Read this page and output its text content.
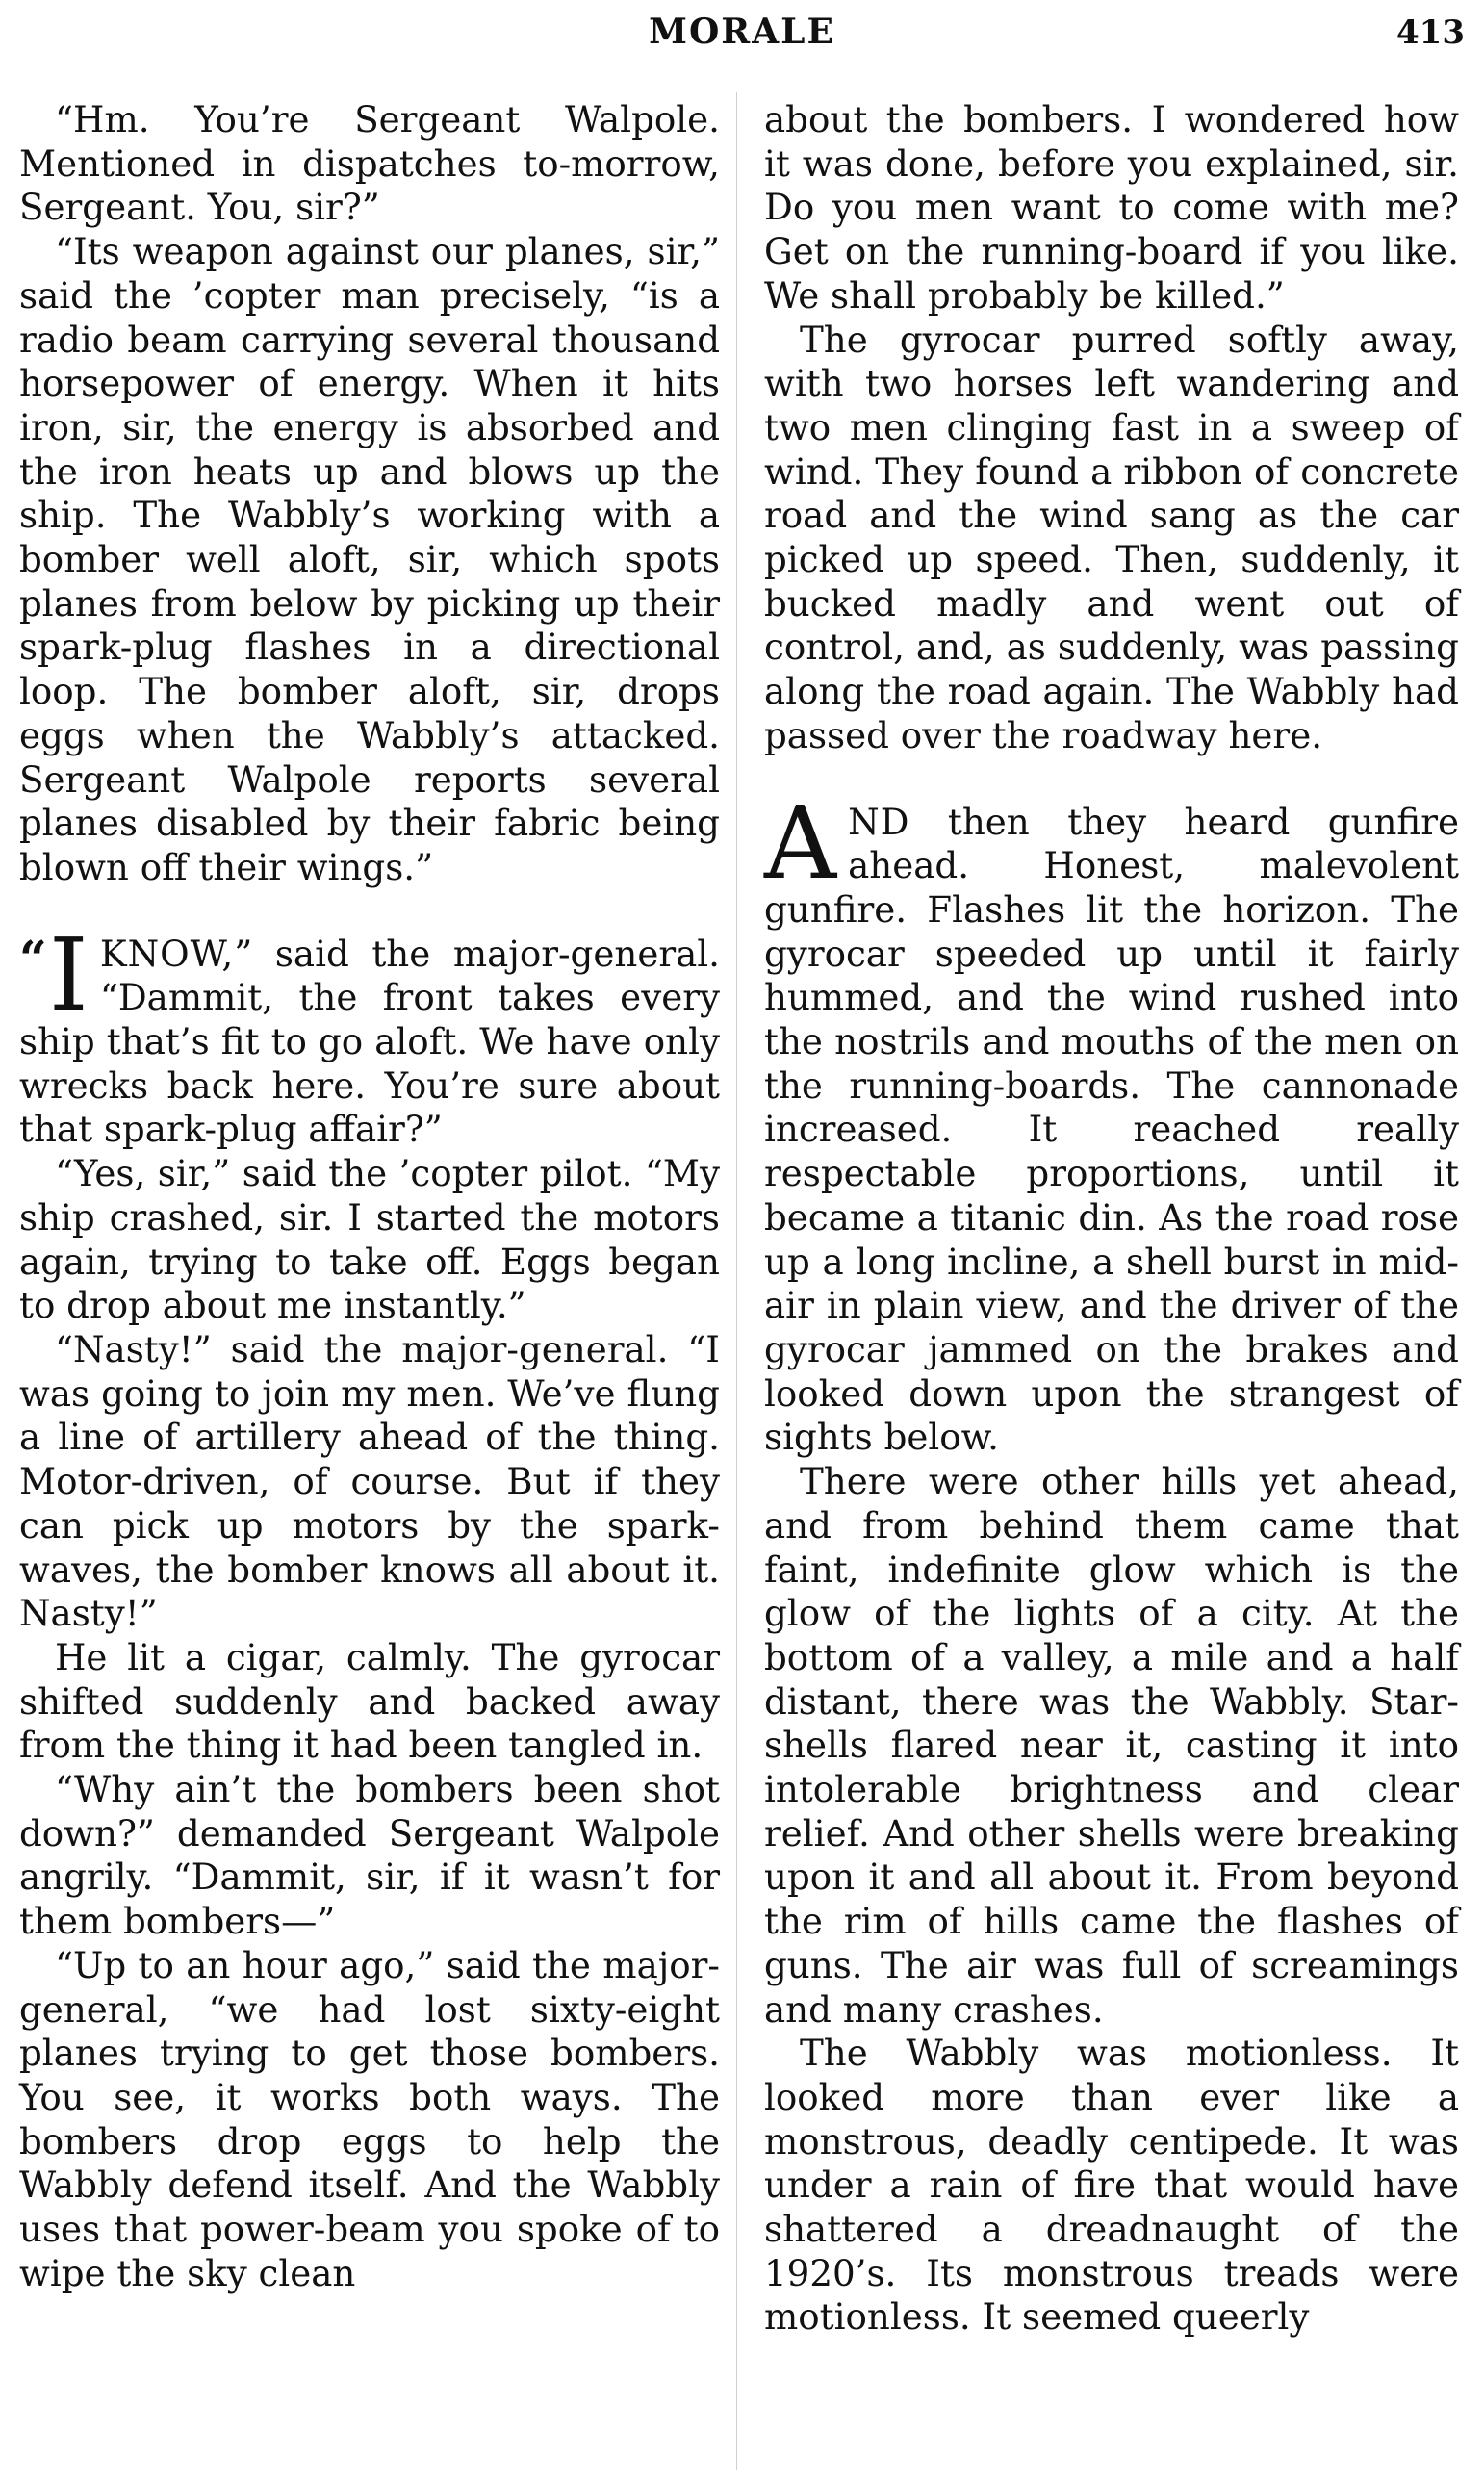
MORALE	413

“Hm. You’re Sergeant Walpole. Mentioned in dispatches to-morrow, Sergeant. You, sir?”

“Its weapon against our planes, sir,” said the ’copter man precisely, “is a radio beam carrying several thousand horsepower of energy. When it hits iron, sir, the energy is absorbed and the iron heats up and blows up the ship. The Wabbly’s working with a bomber well aloft, sir, which spots planes from below by picking up their spark-plug flashes in a directional loop. The bomber aloft, sir, drops eggs when the Wabbly’s attacked. Sergeant Walpole reports several planes disabled by their fabric being blown off their wings.”

“ I KNOW,” said the major-general. “Dammit, the front takes every ship that’s fit to go aloft. We have only wrecks back here. You’re sure about that spark-plug affair?”

“Yes, sir,” said the ’copter pilot. “My ship crashed, sir. I started the motors again, trying to take off. Eggs began to drop about me instantly.”

“Nasty!” said the major-general. “I was going to join my men. We’ve flung a line of artillery ahead of the thing. Motor-driven, of course. But if they can pick up motors by the spark-waves, the bomber knows all about it. Nasty!”

He lit a cigar, calmly. The gyrocar shifted suddenly and backed away from the thing it had been tangled in.

“Why ain’t the bombers been shot down?” demanded Sergeant Walpole angrily. “Dammit, sir, if it wasn’t for them bombers—”

“Up to an hour ago,” said the major-general, “we had lost sixty-eight planes trying to get those bombers. You see, it works both ways. The bombers drop eggs to help the Wabbly defend itself. And the Wabbly uses that power-beam you spoke of to wipe the sky clean

about the bombers. I wondered how it was done, before you explained, sir. Do you men want to come with me? Get on the running-board if you like. We shall probably be killed.”

The gyrocar purred softly away, with two horses left wandering and two men clinging fast in a sweep of wind. They found a ribbon of concrete road and the wind sang as the car picked up speed. Then, suddenly, it bucked madly and went out of control, and, as suddenly, was passing along the road again. The Wabbly had passed over the roadway here.

AND then they heard gunfire ahead. Honest, malevolent gunfire. Flashes lit the horizon. The gyrocar speeded up until it fairly hummed, and the wind rushed into the nostrils and mouths of the men on the running-boards. The cannonade increased. It reached really respectable proportions, until it became a titanic din. As the road rose up a long incline, a shell burst in mid-air in plain view, and the driver of the gyrocar jammed on the brakes and looked down upon the strangest of sights below.

There were other hills yet ahead, and from behind them came that faint, indefinite glow which is the glow of the lights of a city. At the bottom of a valley, a mile and a half distant, there was the Wabbly. Star-shells flared near it, casting it into intolerable brightness and clear relief. And other shells were breaking upon it and all about it. From beyond the rim of hills came the flashes of guns. The air was full of screamings and many crashes.

The Wabbly was motionless. It looked more than ever like a monstrous, deadly centipede. It was under a rain of fire that would have shattered a dreadnaught of the 1920’s. Its monstrous treads were motionless. It seemed queerly
